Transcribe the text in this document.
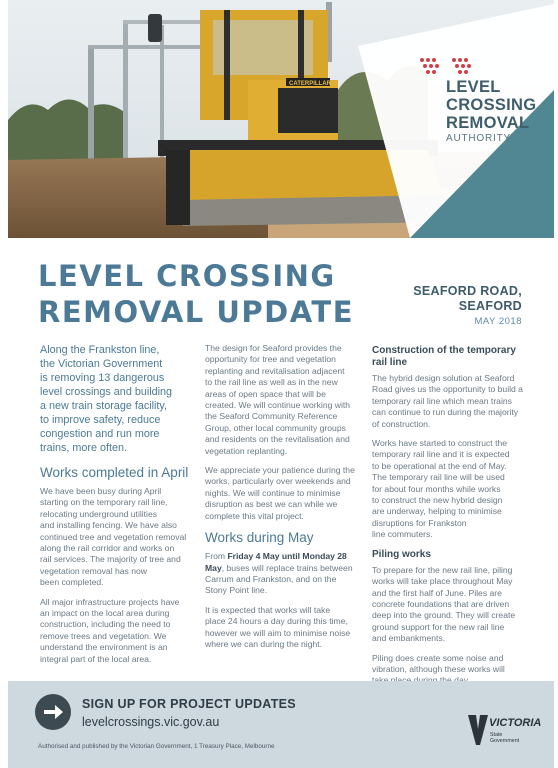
CATERPILLAR	LEVEL
CROSSING
REMOVAL
AUTHORITY
LEVEL CROSSING
REMOVAL UPDATE
SEAFORD ROAD,
SEAFORD
MAY 2018
Along the Frankston line,
the Victorian Government
is removing 13 dangerous
level crossings and building
a new train storage facility,
to improve safety, reduce
congestion and run more
trains, more often.
Works completed in April
We have been busy during April
starting on the temporary rail line,
relocating underground utilities
and installing fencing. We have also
continued tree and vegetation removal
along the rail corridor and works on
rail services. The majority of tree and
vegetation removal has now
been completed.
All major infrastructure projects have
an impact on the local area during
construction, including the need to
remove trees and vegetation. We
understand the environment is an
integral part of the local area.
The design for Seaford provides the
opportunity for tree and vegetation
replanting and revitalisation adjacent
to the rail line as well as in the new
areas of open space that will be
created. We will continue working with
the Seaford Community Reference
Group, other local community groups
and residents on the revitalisation and
vegetation replanting.
We appreciate your patience during the
works, particularly over weekends and
nights. We will continue to minimise
disruption as best we can while we
complete this vital project.
Works during May
From Friday 4 May until Monday 28 May, buses will replace trains between Carrum and Frankston, and on the Stony Point line.
It is expected that works will take
place 24 hours a day during this time,
however we will aim to minimise noise
where we can during the night.
Construction of the temporary rail line
The hybrid design solution at Seaford
Road gives us the opportunity to build a
temporary rail line which mean trains
can continue to run during the majority
of construction.
Works have started to construct the
temporary rail line and it is expected
to be operational at the end of May.
The temporary rail line will be used
for about four months while works
to construct the new hybrid design
are underway, helping to minimise
disruptions for Frankston
line commuters.
Piling works
To prepare for the new rail line, piling
works will take place throughout May
and the first half of June. Piles are
concrete foundations that are driven
deep into the ground. They will create
ground support for the new rail line
and embankments.
Piling does create some noise and
vibration, although these works will
SIGN UP FOR PROJECT UPDATES
levelcrossings.vic.gov.au
Authorised and published by the Victorian Government, 1 Treasury Place, Melbourne
VICTORIA
State
Government
